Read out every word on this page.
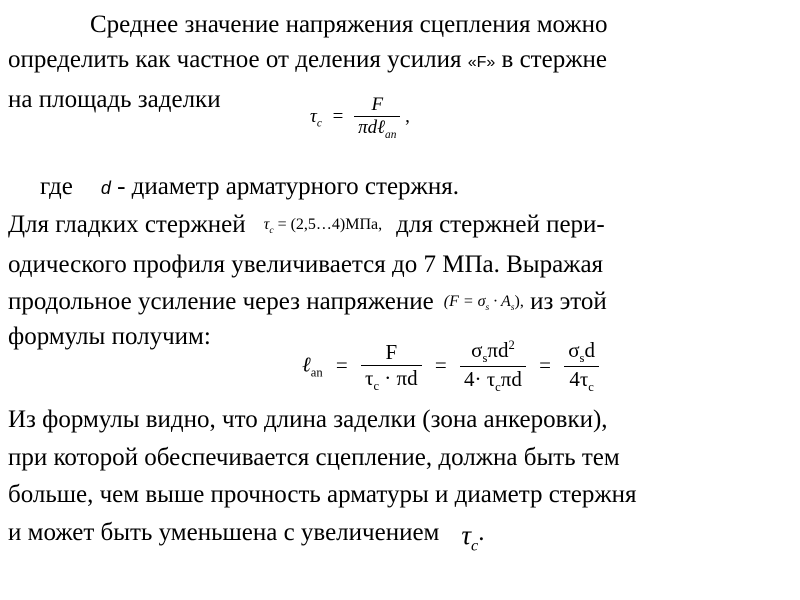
Среднее значение напряжения сцепления можно
определить как частное от деления усилия «F» в стержне
на площадь заделки
$\tau_c = \frac{F}{\pi d\ell_{an}}$ ,
где d - диаметр арматурного стержня.
Для гладких стержней $\tau_c$ = (2,5…4)МПа, для стержней пери-
одического профиля увеличивается до 7 МПа. Выражая
продольное усиление через напряжение $(F = \sigma_s \cdot A_s)$, из этой
формулы получим:
ℓ$_{an}$ = $\frac{F}{\tau_c \cdot \pi d} = \frac{\sigma_s\pi d^2}{4\cdot \tau_c\pi d} = \frac{\sigma_sd}{4\tau_c}$
Из формулы видно, что длина заделки (зона анкеровки),
при которой обеспечивается сцепление, должна быть тем
больше, чем выше прочность арматуры и диаметр стержня
и может быть уменьшена с увеличением $\tau_c$.
